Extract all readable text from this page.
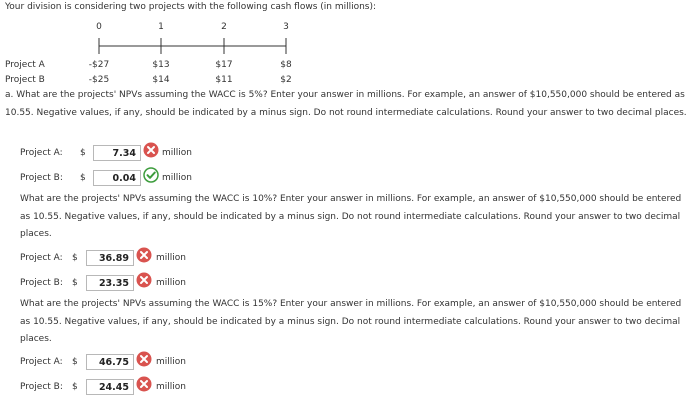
Your division is considering two projects with the following cash flows (in millions):
0	1	2	3
Project A	-$27	$13	$17	$8
Project B	-$25	$14	$11	$2
a. What are the projects' NPVs assuming the WACC is 5%? Enter your answer in millions. For example, an answer of $10,550,000 should be entered as 10.55. Negative values, if any, should be indicated by a minus sign. Do not round intermediate calculations. Round your answer to two decimal places.
Project A: $	7.34	million
Project B: $	0.04	million
What are the projects' NPVs assuming the WACC is 10%? Enter your answer in millions. For example, an answer of $10,550,000 should be entered as 10.55. Negative values, if any, should be indicated by a minus sign. Do not round intermediate calculations. Round your answer to two decimal places.
Project A: $	36.89	million
Project B: $	23.35	million
What are the projects' NPVs assuming the WACC is 15%? Enter your answer in millions. For example, an answer of $10,550,000 should be entered as 10.55. Negative values, if any, should be indicated by a minus sign. Do not round intermediate calculations. Round your answer to two decimal places.
Project A: $	46.75	million
Project B: $	24.45	million
